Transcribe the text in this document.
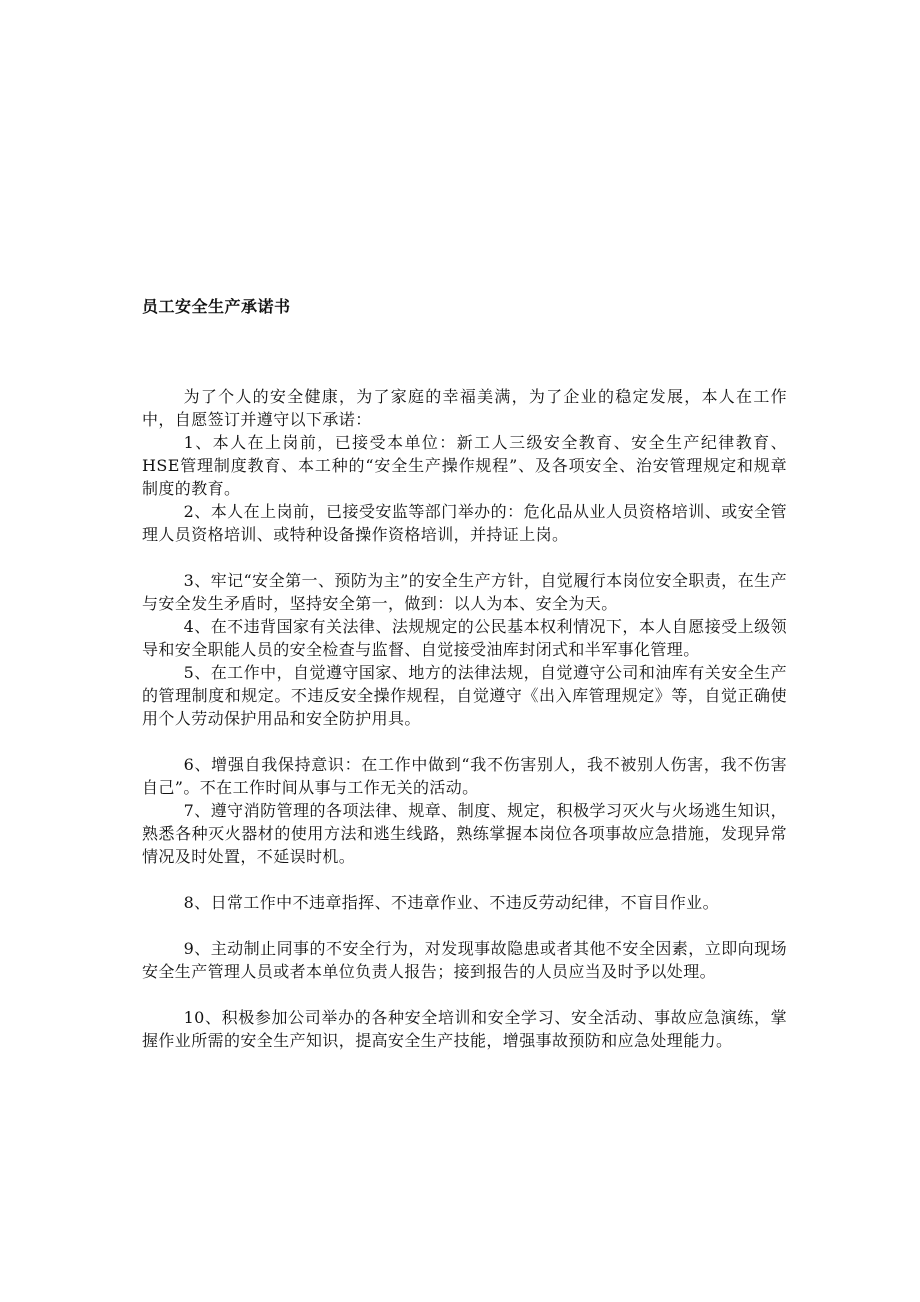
员工安全生产承诺书

为了个人的安全健康，为了家庭的幸福美满，为了企业的稳定发展，本人在工作中，自愿签订并遵守以下承诺：

1、本人在上岗前，已接受本单位：新工人三级安全教育、安全生产纪律教育、HSE管理制度教育、本工种的“安全生产操作规程”、及各项安全、治安管理规定和规章制度的教育。

2、本人在上岗前，已接受安监等部门举办的：危化品从业人员资格培训、或安全管理人员资格培训、或特种设备操作资格培训，并持证上岗。

3、牢记“安全第一、预防为主”的安全生产方针，自觉履行本岗位安全职责，在生产与安全发生矛盾时，坚持安全第一，做到：以人为本、安全为天。

4、在不违背国家有关法律、法规规定的公民基本权利情况下，本人自愿接受上级领导和安全职能人员的安全检查与监督、自觉接受油库封闭式和半军事化管理。

5、在工作中，自觉遵守国家、地方的法律法规，自觉遵守公司和油库有关安全生产的管理制度和规定。不违反安全操作规程，自觉遵守《出入库管理规定》等，自觉正确使用个人劳动保护用品和安全防护用具。

6、增强自我保持意识：在工作中做到“我不伤害别人，我不被别人伤害，我不伤害自己”。不在工作时间从事与工作无关的活动。

7、遵守消防管理的各项法律、规章、制度、规定，积极学习灭火与火场逃生知识，熟悉各种灭火器材的使用方法和逃生线路，熟练掌握本岗位各项事故应急措施，发现异常情况及时处置，不延误时机。

8、日常工作中不违章指挥、不违章作业、不违反劳动纪律，不盲目作业。

9、主动制止同事的不安全行为，对发现事故隐患或者其他不安全因素，立即向现场安全生产管理人员或者本单位负责人报告；接到报告的人员应当及时予以处理。

10、积极参加公司举办的各种安全培训和安全学习、安全活动、事故应急演练，掌握作业所需的安全生产知识，提高安全生产技能，增强事故预防和应急处理能力。
